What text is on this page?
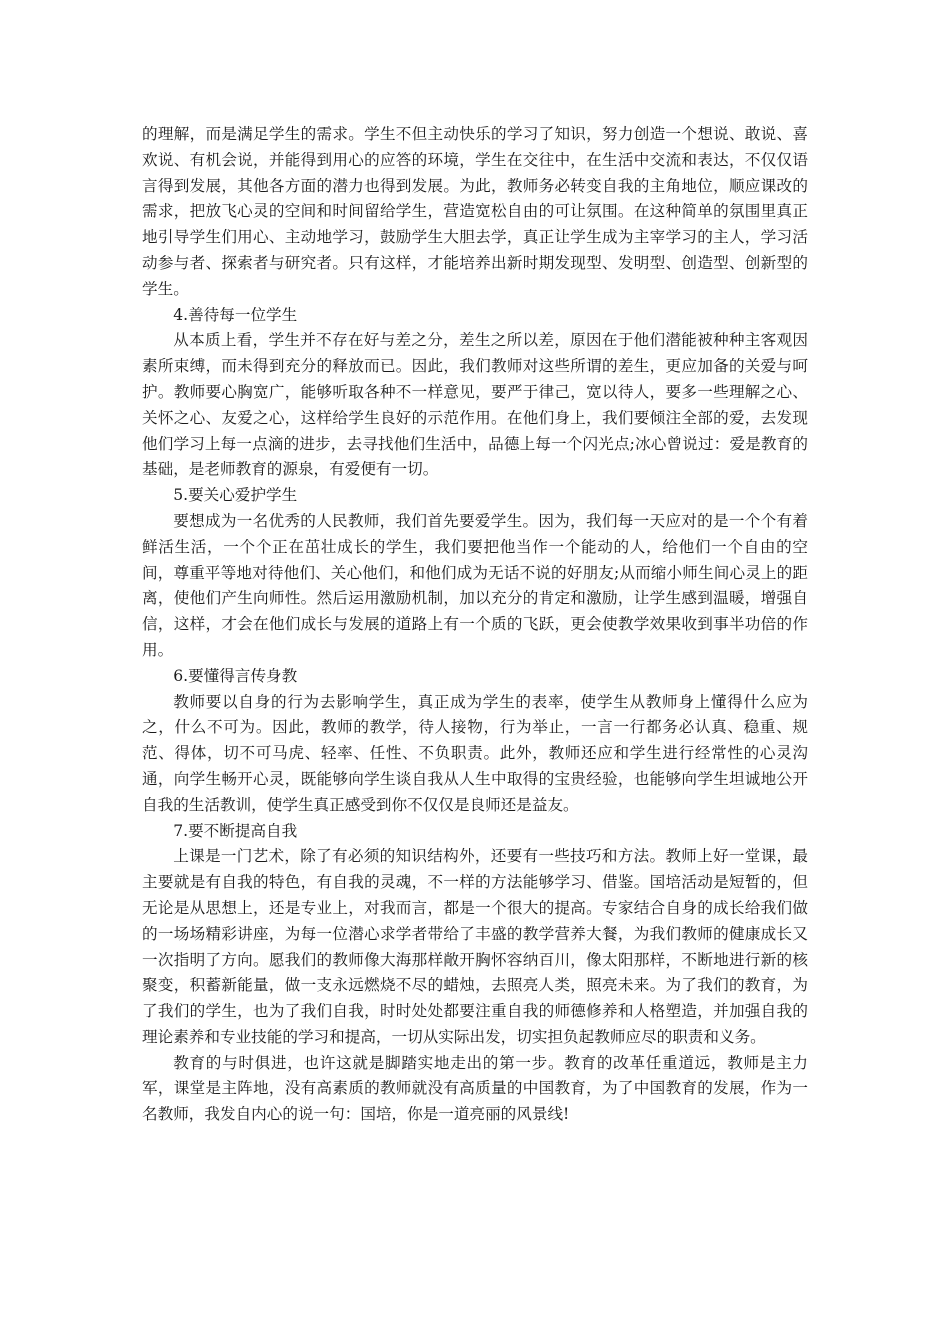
的理解，而是满足学生的需求。学生不但主动快乐的学习了知识，努力创造一个想说、敢说、喜欢说、有机会说，并能得到用心的应答的环境，学生在交往中，在生活中交流和表达，不仅仅语言得到发展，其他各方面的潜力也得到发展。为此，教师务必转变自我的主角地位，顺应课改的需求，把放飞心灵的空间和时间留给学生，营造宽松自由的可让氛围。在这种简单的氛围里真正地引导学生们用心、主动地学习，鼓励学生大胆去学，真正让学生成为主宰学习的主人，学习活动参与者、探索者与研究者。只有这样，才能培养出新时期发现型、发明型、创造型、创新型的学生。

4.善待每一位学生

从本质上看，学生并不存在好与差之分，差生之所以差，原因在于他们潜能被种种主客观因素所束缚，而未得到充分的释放而已。因此，我们教师对这些所谓的差生，更应加备的关爱与呵护。教师要心胸宽广，能够听取各种不一样意见，要严于律己，宽以待人，要多一些理解之心、关怀之心、友爱之心，这样给学生良好的示范作用。在他们身上，我们要倾注全部的爱，去发现他们学习上每一点滴的进步，去寻找他们生活中，品德上每一个闪光点;冰心曾说过：爱是教育的基础，是老师教育的源泉，有爱便有一切。

5.要关心爱护学生

要想成为一名优秀的人民教师，我们首先要爱学生。因为，我们每一天应对的是一个个有着鲜活生活，一个个正在茁壮成长的学生，我们要把他当作一个能动的人，给他们一个自由的空间，尊重平等地对待他们、关心他们，和他们成为无话不说的好朋友;从而缩小师生间心灵上的距离，使他们产生向师性。然后运用激励机制，加以充分的肯定和激励，让学生感到温暖，增强自信，这样，才会在他们成长与发展的道路上有一个质的飞跃，更会使教学效果收到事半功倍的作用。

6.要懂得言传身教

教师要以自身的行为去影响学生，真正成为学生的表率，使学生从教师身上懂得什么应为之，什么不可为。因此，教师的教学，待人接物，行为举止，一言一行都务必认真、稳重、规范、得体，切不可马虎、轻率、任性、不负职责。此外，教师还应和学生进行经常性的心灵沟通，向学生畅开心灵，既能够向学生谈自我从人生中取得的宝贵经验，也能够向学生坦诚地公开自我的生活教训，使学生真正感受到你不仅仅是良师还是益友。

7.要不断提高自我

上课是一门艺术，除了有必须的知识结构外，还要有一些技巧和方法。教师上好一堂课，最主要就是有自我的特色，有自我的灵魂，不一样的方法能够学习、借鉴。国培活动是短暂的，但无论是从思想上，还是专业上，对我而言，都是一个很大的提高。专家结合自身的成长给我们做的一场场精彩讲座，为每一位潜心求学者带给了丰盛的教学营养大餐，为我们教师的健康成长又一次指明了方向。愿我们的教师像大海那样敞开胸怀容纳百川，像太阳那样，不断地进行新的核聚变，积蓄新能量，做一支永远燃烧不尽的蜡烛，去照亮人类，照亮未来。为了我们的教育，为了我们的学生，也为了我们自我，时时处处都要注重自我的师德修养和人格塑造，并加强自我的理论素养和专业技能的学习和提高，一切从实际出发，切实担负起教师应尽的职责和义务。

教育的与时俱进，也许这就是脚踏实地走出的第一步。教育的改革任重道远，教师是主力军，课堂是主阵地，没有高素质的教师就没有高质量的中国教育，为了中国教育的发展，作为一名教师，我发自内心的说一句：国培，你是一道亮丽的风景线!
